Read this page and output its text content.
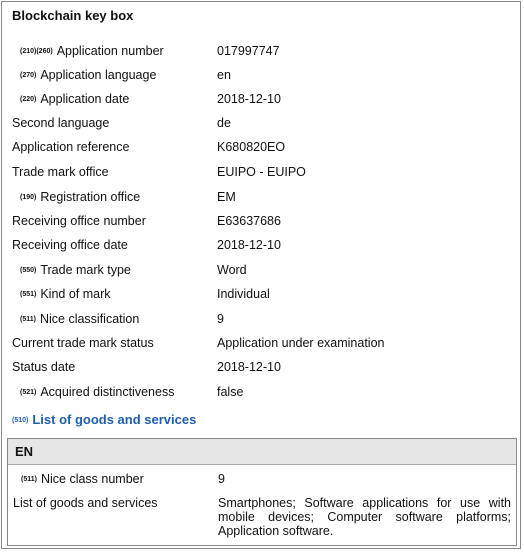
Blockchain key box
(210)(260) Application number	017997747
(270) Application language	en
(220) Application date	2018-12-10
Second language	de
Application reference	K680820EO
Trade mark office	EUIPO - EUIPO
(190) Registration office	EM
Receiving office number	E63637686
Receiving office date	2018-12-10
(550) Trade mark type	Word
(551) Kind of mark	Individual
(511) Nice classification	9
Current trade mark status	Application under examination
Status date	2018-12-10
(521) Acquired distinctiveness	false
(510) List of goods and services
EN
(511) Nice class number	9
List of goods and services	Smartphones; Software applications for use with mobile devices; Computer software platforms; Application software.
